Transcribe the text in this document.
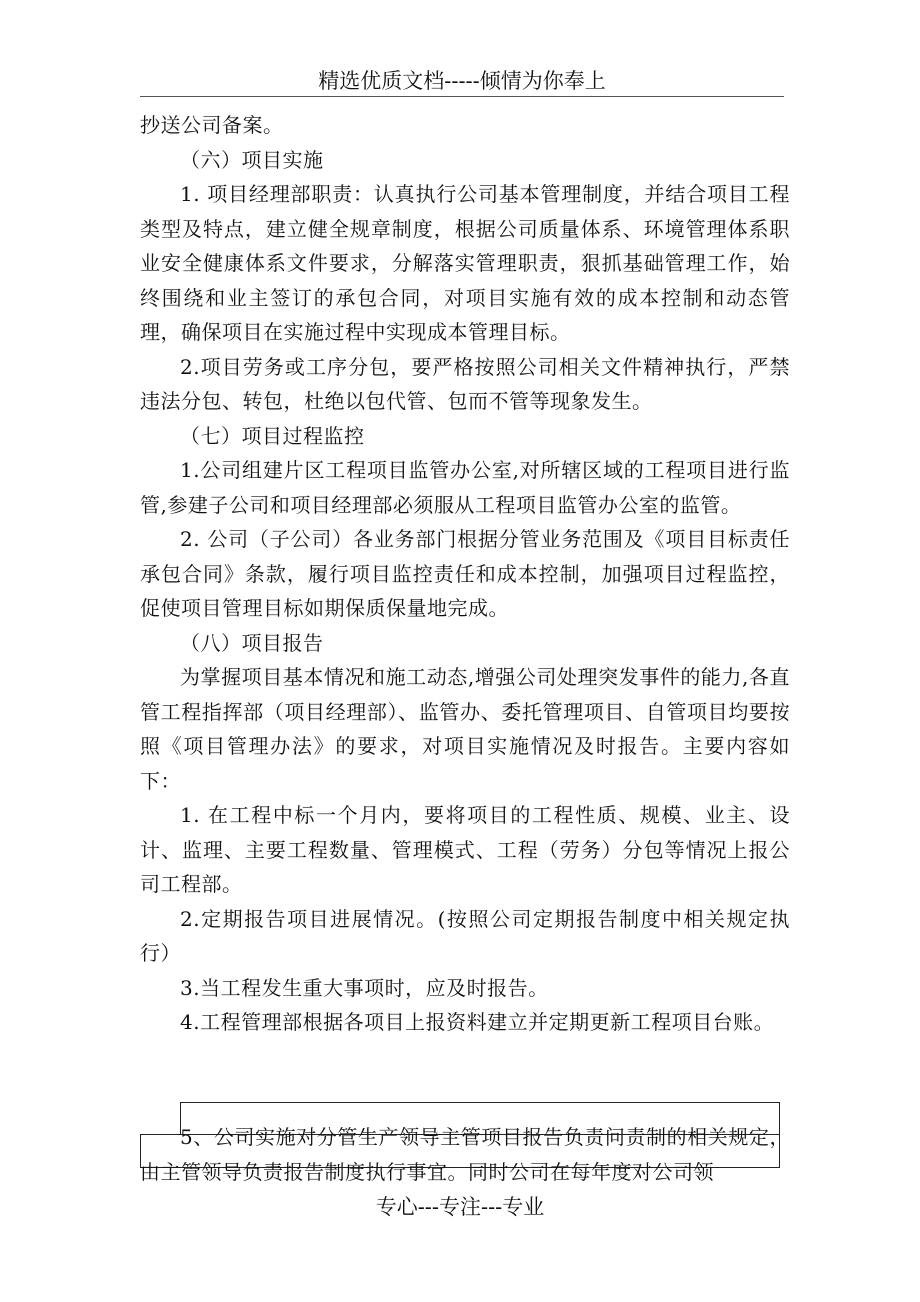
精选优质文档-----倾情为你奉上

抄送公司备案。

（六）项目实施

1. 项目经理部职责：认真执行公司基本管理制度，并结合项目工程类型及特点，建立健全规章制度，根据公司质量体系、环境管理体系职业安全健康体系文件要求，分解落实管理职责，狠抓基础管理工作，始终围绕和业主签订的承包合同，对项目实施有效的成本控制和动态管理，确保项目在实施过程中实现成本管理目标。

2.项目劳务或工序分包，要严格按照公司相关文件精神执行，严禁违法分包、转包，杜绝以包代管、包而不管等现象发生。

（七）项目过程监控

1.公司组建片区工程项目监管办公室,对所辖区域的工程项目进行监管,参建子公司和项目经理部必须服从工程项目监管办公室的监管。

2. 公司（子公司）各业务部门根据分管业务范围及《项目目标责任承包合同》条款，履行项目监控责任和成本控制，加强项目过程监控，促使项目管理目标如期保质保量地完成。

（八）项目报告

为掌握项目基本情况和施工动态,增强公司处理突发事件的能力,各直管工程指挥部（项目经理部）、监管办、委托管理项目、自管项目均要按照《项目管理办法》的要求，对项目实施情况及时报告。主要内容如下：

1. 在工程中标一个月内，要将项目的工程性质、规模、业主、设计、监理、主要工程数量、管理模式、工程（劳务）分包等情况上报公司工程部。

2.定期报告项目进展情况。(按照公司定期报告制度中相关规定执行）

3.当工程发生重大事项时，应及时报告。

4.工程管理部根据各项目上报资料建立并定期更新工程项目台账。

5、公司实施对分管生产领导主管项目报告负责问责制的相关规定，由主管领导负责报告制度执行事宜。同时公司在每年度对公司领

专心---专注---专业
